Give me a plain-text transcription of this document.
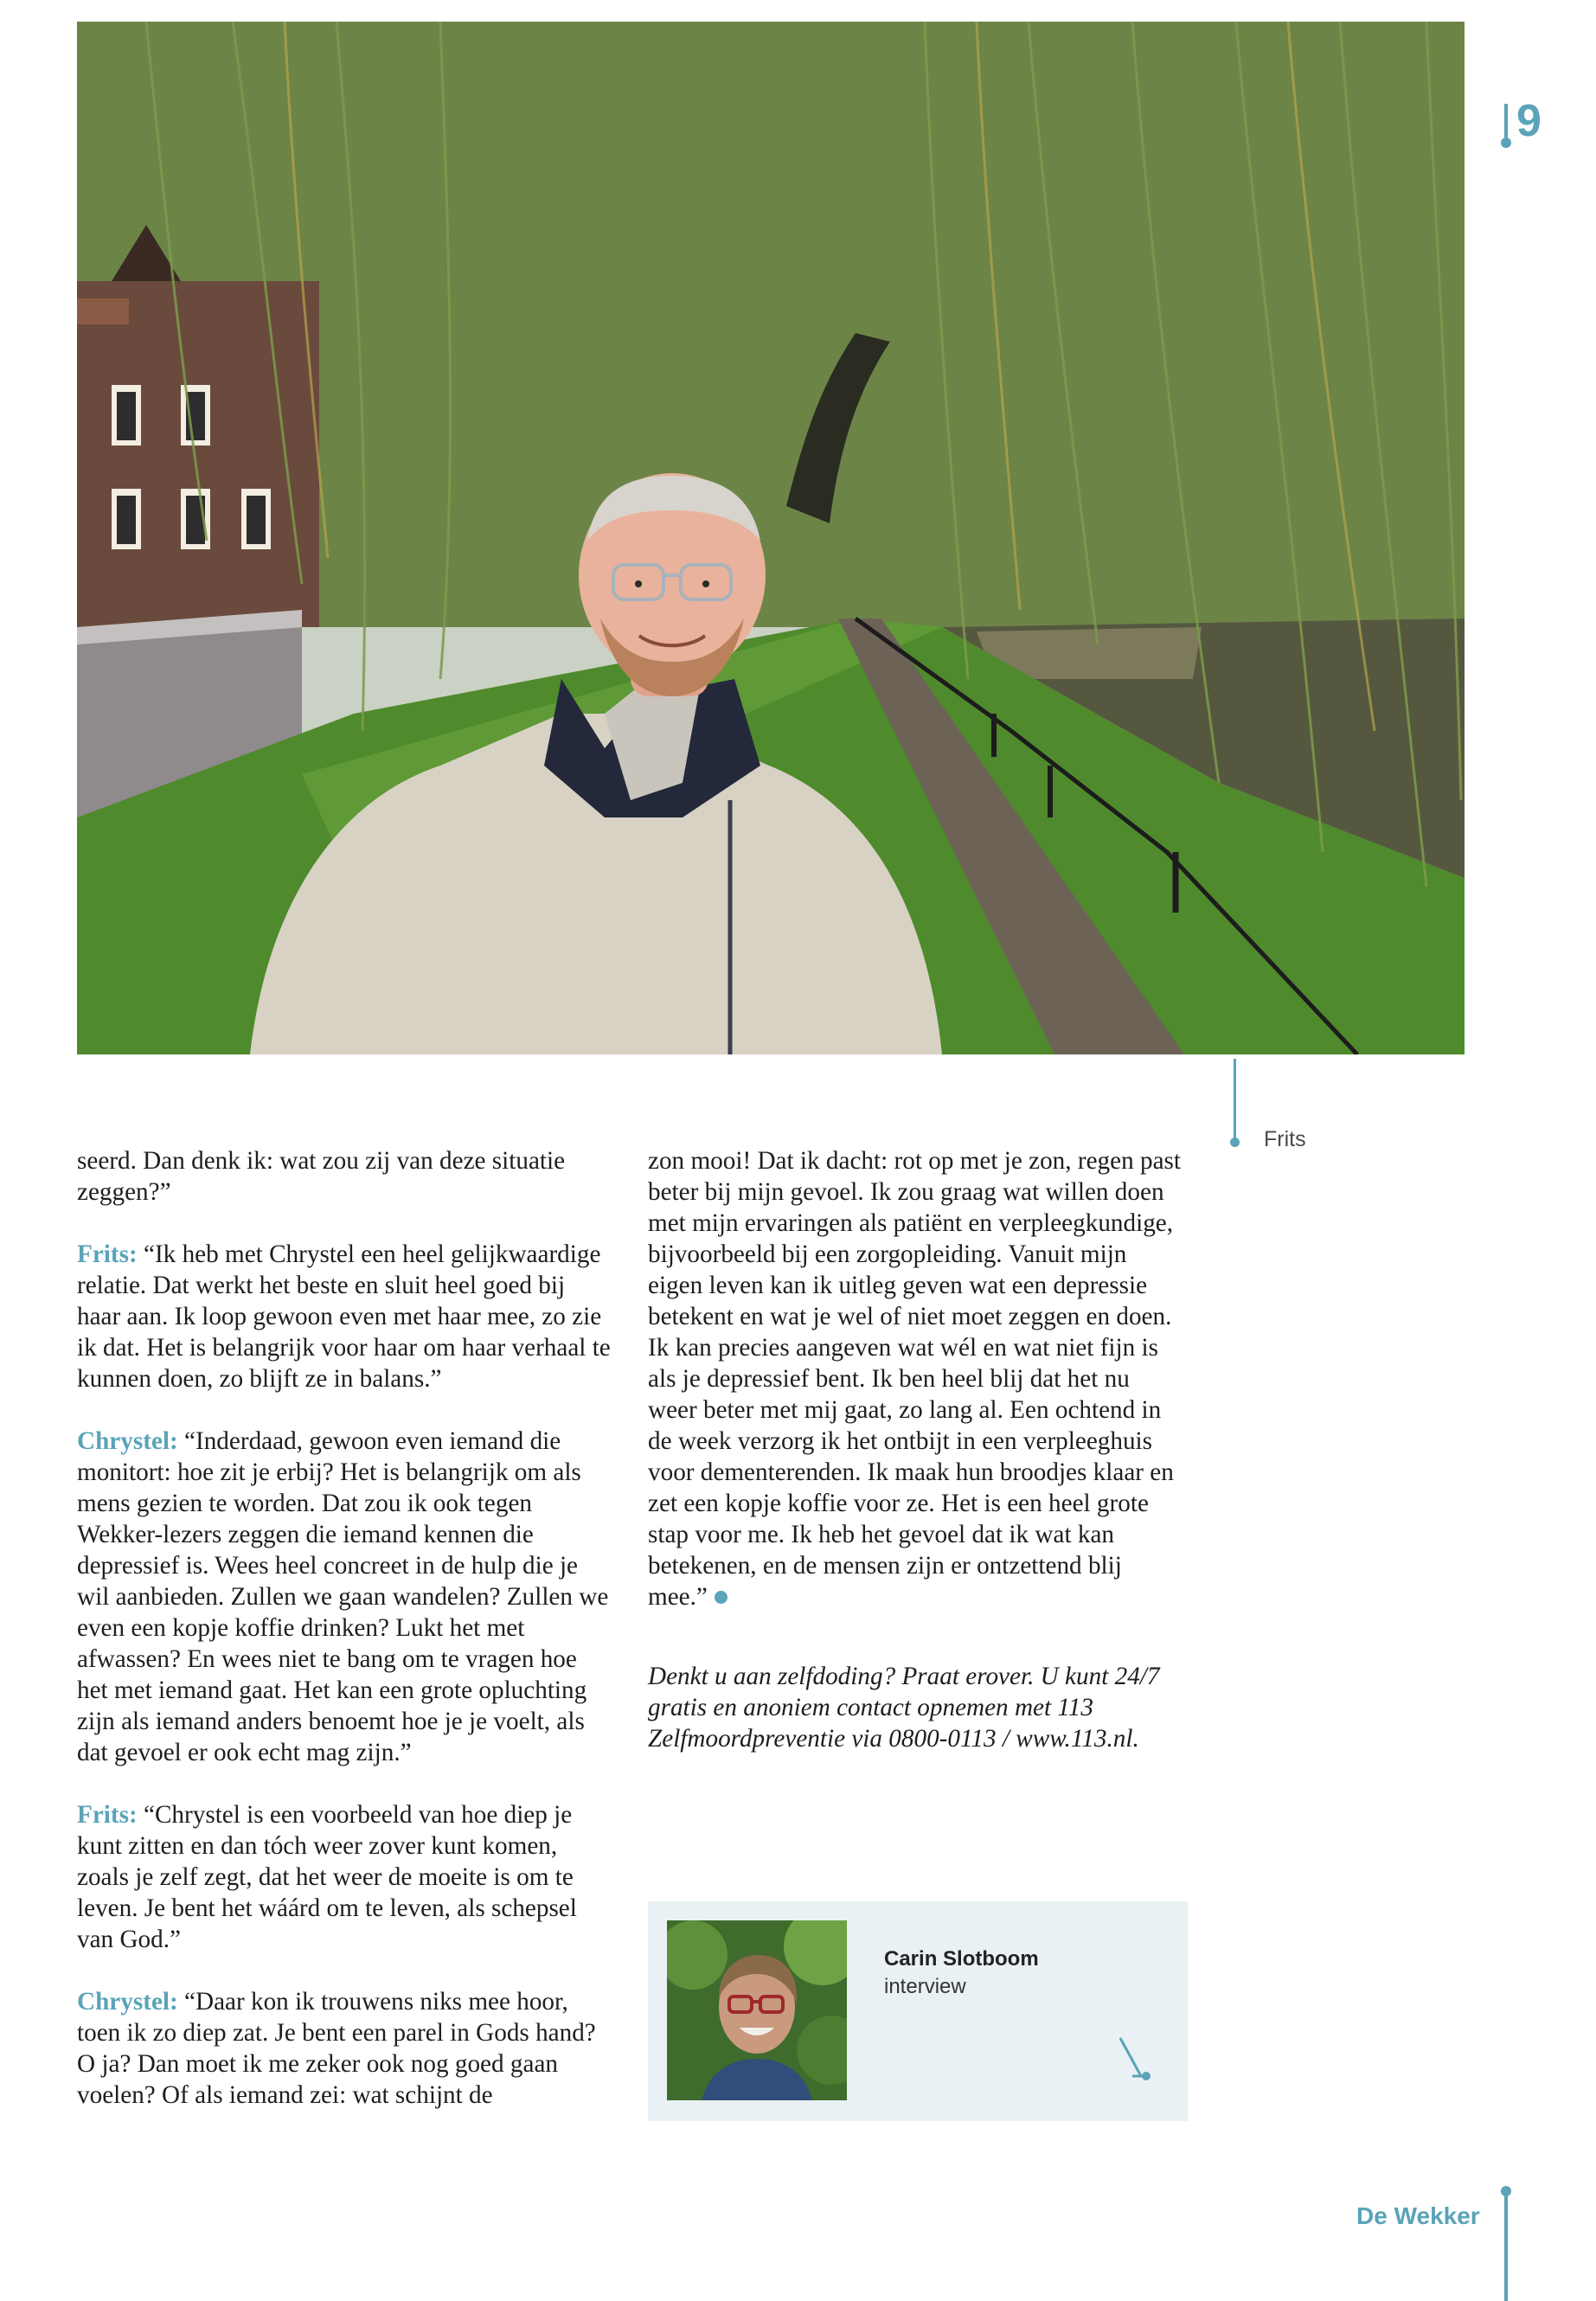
9
Frits

seerd. Dan denk ik: wat zou zij van deze situatie zeggen?”

Frits: “Ik heb met Chrystel een heel gelijkwaardige relatie. Dat werkt het beste en sluit heel goed bij haar aan. Ik loop gewoon even met haar mee, zo zie ik dat. Het is belangrijk voor haar om haar verhaal te kunnen doen, zo blijft ze in balans.”

Chrystel: “Inderdaad, gewoon even iemand die monitort: hoe zit je erbij? Het is belangrijk om als mens gezien te worden. Dat zou ik ook tegen Wekker-lezers zeggen die iemand kennen die depressief is. Wees heel concreet in de hulp die je wil aanbieden. Zullen we gaan wandelen? Zullen we even een kopje koffie drinken? Lukt het met afwassen? En wees niet te bang om te vragen hoe het met iemand gaat. Het kan een grote opluchting zijn als iemand anders benoemt hoe je je voelt, als dat gevoel er ook echt mag zijn.”

Frits: “Chrystel is een voorbeeld van hoe diep je kunt zitten en dan tóch weer zover kunt komen, zoals je zelf zegt, dat het weer de moeite is om te leven. Je bent het wáárd om te leven, als schepsel van God.”

Chrystel: “Daar kon ik trouwens niks mee hoor, toen ik zo diep zat. Je bent een parel in Gods hand? O ja? Dan moet ik me zeker ook nog goed gaan voelen? Of als iemand zei: wat schijnt de

zon mooi! Dat ik dacht: rot op met je zon, regen past beter bij mijn gevoel. Ik zou graag wat willen doen met mijn ervaringen als patiënt en verpleegkundige, bijvoorbeeld bij een zorgopleiding. Vanuit mijn eigen leven kan ik uitleg geven wat een depressie betekent en wat je wel of niet moet zeggen en doen. Ik kan precies aangeven wat wél en wat niet fijn is als je depressief bent. Ik ben heel blij dat het nu weer beter met mij gaat, zo lang al. Een ochtend in de week verzorg ik het ontbijt in een verpleeghuis voor dementerenden. Ik maak hun broodjes klaar en zet een kopje koffie voor ze. Het is een heel grote stap voor me. Ik heb het gevoel dat ik wat kan betekenen, en de mensen zijn er ontzettend blij mee.”

Denkt u aan zelfdoding? Praat erover. U kunt 24/7 gratis en anoniem contact opnemen met 113 Zelfmoordpreventie via 0800-0113 / www.113.nl.

Carin Slotboom
interview
De Wekker
